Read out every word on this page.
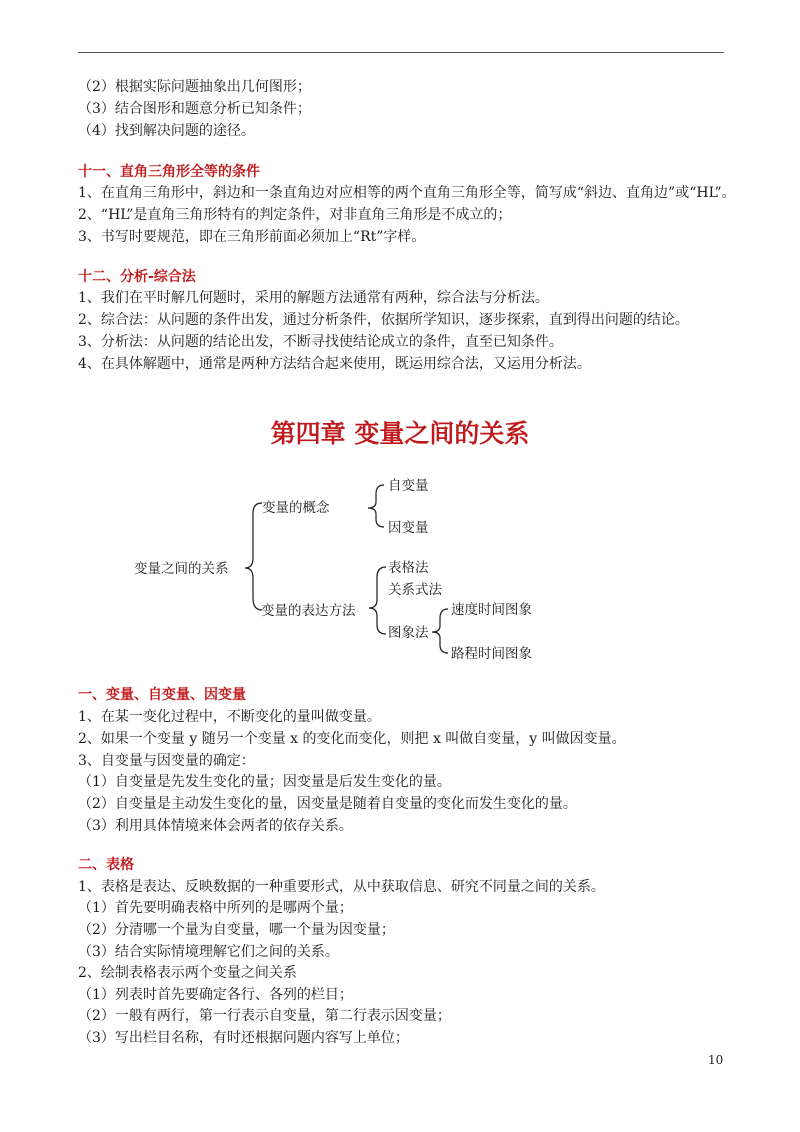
（2）根据实际问题抽象出几何图形；
（3）结合图形和题意分析已知条件；
（4）找到解决问题的途径。
十一、直角三角形全等的条件
1、在直角三角形中，斜边和一条直角边对应相等的两个直角三角形全等，简写成“斜边、直角边”或“HL”。
2、“HL”是直角三角形特有的判定条件，对非直角三角形是不成立的；
3、书写时要规范，即在三角形前面必须加上“Rt”字样。
十二、分析-综合法
1、我们在平时解几何题时，采用的解题方法通常有两种，综合法与分析法。
2、综合法：从问题的条件出发，通过分析条件，依据所学知识，逐步探索，直到得出问题的结论。
3、分析法：从问题的结论出发，不断寻找使结论成立的条件，直至已知条件。
4、在具体解题中，通常是两种方法结合起来使用，既运用综合法，又运用分析法。
第四章 变量之间的关系
变量之间的关系
变量的概念
自变量
因变量
变量的表达方法
表格法
关系式法
图象法
速度时间图象
路程时间图象
一、变量、自变量、因变量
1、在某一变化过程中，不断变化的量叫做变量。
2、如果一个变量 y 随另一个变量 x 的变化而变化，则把 x 叫做自变量，y 叫做因变量。
3、自变量与因变量的确定：
（1）自变量是先发生变化的量；因变量是后发生变化的量。
（2）自变量是主动发生变化的量，因变量是随着自变量的变化而发生变化的量。
（3）利用具体情境来体会两者的依存关系。
二、表格
1、表格是表达、反映数据的一种重要形式，从中获取信息、研究不同量之间的关系。
（1）首先要明确表格中所列的是哪两个量；
（2）分清哪一个量为自变量，哪一个量为因变量；
（3）结合实际情境理解它们之间的关系。
2、绘制表格表示两个变量之间关系
（1）列表时首先要确定各行、各列的栏目；
（2）一般有两行，第一行表示自变量，第二行表示因变量；
（3）写出栏目名称，有时还根据问题内容写上单位；
10
